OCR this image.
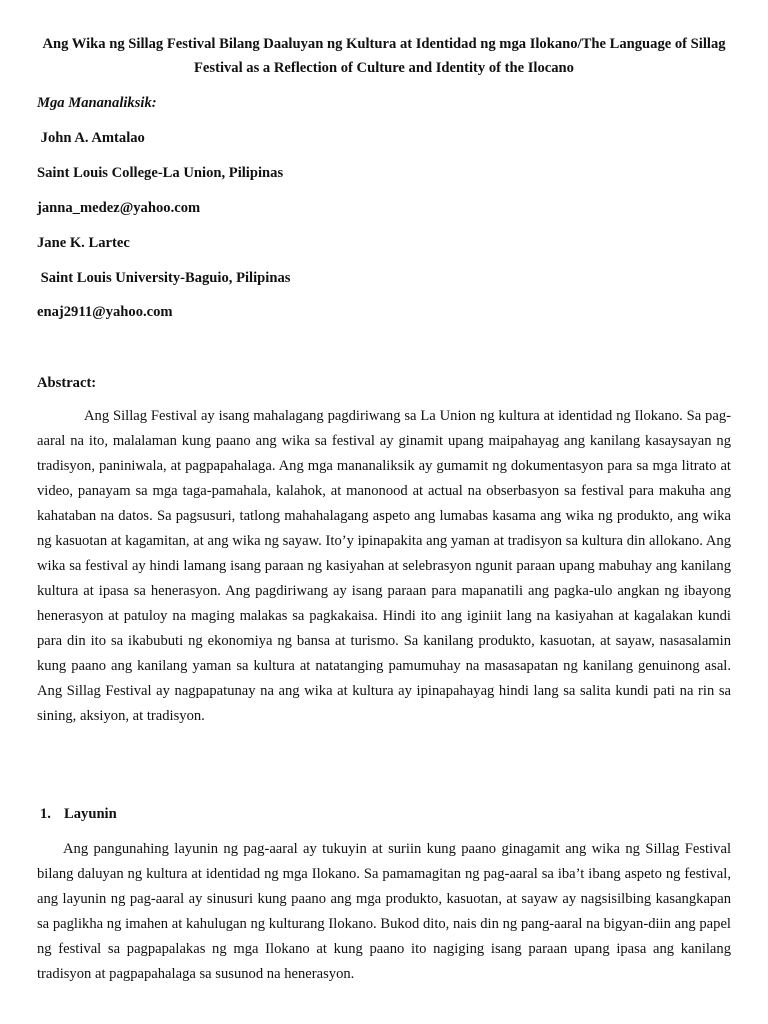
Ang Wika ng Sillag Festival Bilang Daaluyan ng Kultura at Identidad ng mga Ilokano/The Language of Sillag Festival as a Reflection of Culture and Identity of the Ilocano
Mga Mananaliksik:
John A. Amtalao
Saint Louis College-La Union, Pilipinas
janna_medez@yahoo.com
Jane K. Lartec
Saint Louis University-Baguio, Pilipinas
enaj2911@yahoo.com
Abstract:
Ang Sillag Festival ay isang mahalagang pagdiriwang sa La Union ng kultura at identidad ng Ilokano. Sa pag-aaral na ito, malalaman kung paano ang wika sa festival ay ginamit upang maipahayag ang kanilang kasaysayan ng tradisyon, paniniwala, at pagpapahalaga. Ang mga mananaliksik ay gumamit ng dokumentasyon para sa mga litrato at video, panayam sa mga taga-pamahala, kalahok, at manonood at actual na obserbasyon sa festival para makuha ang kahataban na datos. Sa pagsusuri, tatlong mahahalagang aspeto ang lumabas kasama ang wika ng produkto, ang wika ng kasuotan at kagamitan, at ang wika ng sayaw. Ito’y ipinapakita ang yaman at tradisyon sa kultura din allokano. Ang wika sa festival ay hindi lamang isang paraan ng kasiyahan at selebrasyon ngunit paraan upang mabuhay ang kanilang kultura at ipasa sa henerasyon. Ang pagdiriwang ay isang paraan para mapanatili ang pagka-ulo angkan ng ibayong henerasyon at patuloy na maging malakas sa pagkakaisa. Hindi ito ang iginiit lang na kasiyahan at kagalakan kundi para din ito sa ikabubuti ng ekonomiya ng bansa at turismo. Sa kanilang produkto, kasuotan, at sayaw, nasasalamin kung paano ang kanilang yaman sa kultura at natatanging pamumuhay na masasapatan ng kanilang genuinong asal. Ang Sillag Festival ay nagpapatunay na ang wika at kultura ay ipinapahayag hindi lang sa salita kundi pati na rin sa sining, aksiyon, at tradisyon.
1. Layunin
Ang pangunahing layunin ng pag-aaral ay tukuyin at suriin kung paano ginagamit ang wika ng Sillag Festival bilang daluyan ng kultura at identidad ng mga Ilokano. Sa pamamagitan ng pag-aaral sa iba’t ibang aspeto ng festival, ang layunin ng pag-aaral ay sinusuri kung paano ang mga produkto, kasuotan, at sayaw ay nagsisilbing kasangkapan sa paglikha ng imahen at kahulugan ng kulturang Ilokano. Bukod dito, nais din ng pang-aaral na bigyan-diin ang papel ng festival sa pagpapalakas ng mga Ilokano at kung paano ito nagiging isang paraan upang ipasa ang kanilang tradisyon at pagpapahalaga sa susunod na henerasyon.
